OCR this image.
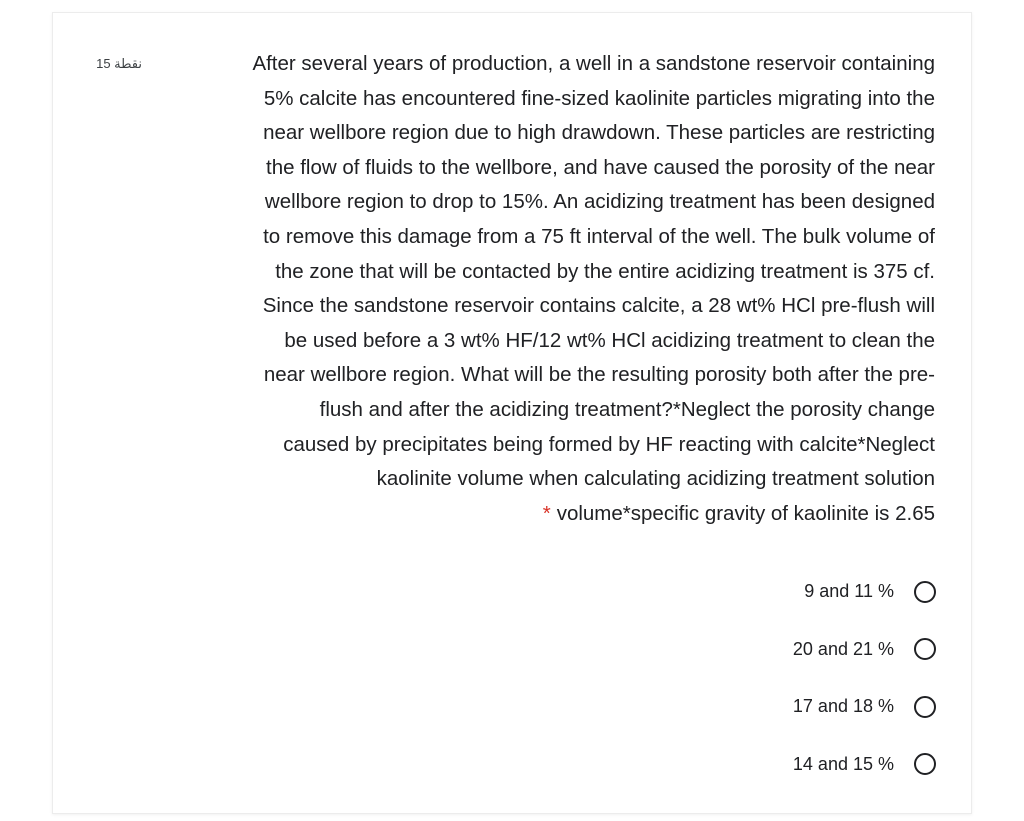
15 نقطة	After several years of production, a well in a sandstone reservoir containing
5% calcite has encountered fine-sized kaolinite particles migrating into the
near wellbore region due to high drawdown. These particles are restricting
the flow of fluids to the wellbore, and have caused the porosity of the near
wellbore region to drop to 15%. An acidizing treatment has been designed
to remove this damage from a 75 ft interval of the well. The bulk volume of
the zone that will be contacted by the entire acidizing treatment is 375 cf.
Since the sandstone reservoir contains calcite, a 28 wt% HCl pre-flush will
be used before a 3 wt% HF/12 wt% HCl acidizing treatment to clean the
near wellbore region. What will be the resulting porosity both after the pre-
flush and after the acidizing treatment?*Neglect the porosity change
caused by precipitates being formed by HF reacting with calcite*Neglect
kaolinite volume when calculating acidizing treatment solution
* volume*specific gravity of kaolinite is 2.65
9 and 11 %
20 and 21 %
17 and 18 %
14 and 15 %
